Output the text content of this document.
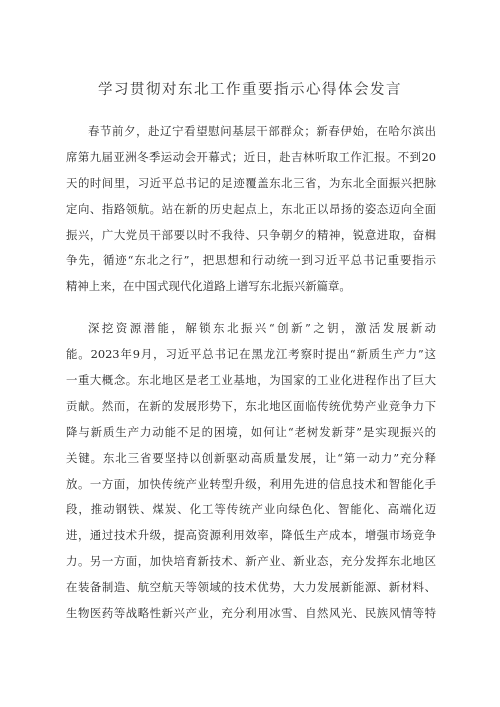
学习贯彻对东北工作重要指示心得体会发言
春节前夕，赴辽宁看望慰问基层干部群众；新春伊始，在哈尔滨出
席第九届亚洲冬季运动会开幕式；近日，赴吉林听取工作汇报。不到20
天的时间里，习近平总书记的足迹覆盖东北三省，为东北全面振兴把脉
定向、指路领航。站在新的历史起点上，东北正以昂扬的姿态迈向全面
振兴，广大党员干部要以时不我待、只争朝夕的精神，锐意进取，奋楫
争先，循迹“东北之行”，把思想和行动统一到习近平总书记重要指示
精神上来，在中国式现代化道路上谱写东北振兴新篇章。
深挖资源潜能，解锁东北振兴“创新”之钥，激活发展新动
能。2023年9月，习近平总书记在黑龙江考察时提出“新质生产力”这
一重大概念。东北地区是老工业基地，为国家的工业化进程作出了巨大
贡献。然而，在新的发展形势下，东北地区面临传统优势产业竞争力下
降与新质生产力动能不足的困境，如何让“老树发新芽”是实现振兴的
关键。东北三省要坚持以创新驱动高质量发展，让“第一动力”充分释
放。一方面，加快传统产业转型升级，利用先进的信息技术和智能化手
段，推动钢铁、煤炭、化工等传统产业向绿色化、智能化、高端化迈
进，通过技术升级，提高资源利用效率，降低生产成本，增强市场竞争
力。另一方面，加快培育新技术、新产业、新业态，充分发挥东北地区
在装备制造、航空航天等领域的技术优势，大力发展新能源、新材料、
生物医药等战略性新兴产业，充分利用冰雪、自然风光、民族风情等特
